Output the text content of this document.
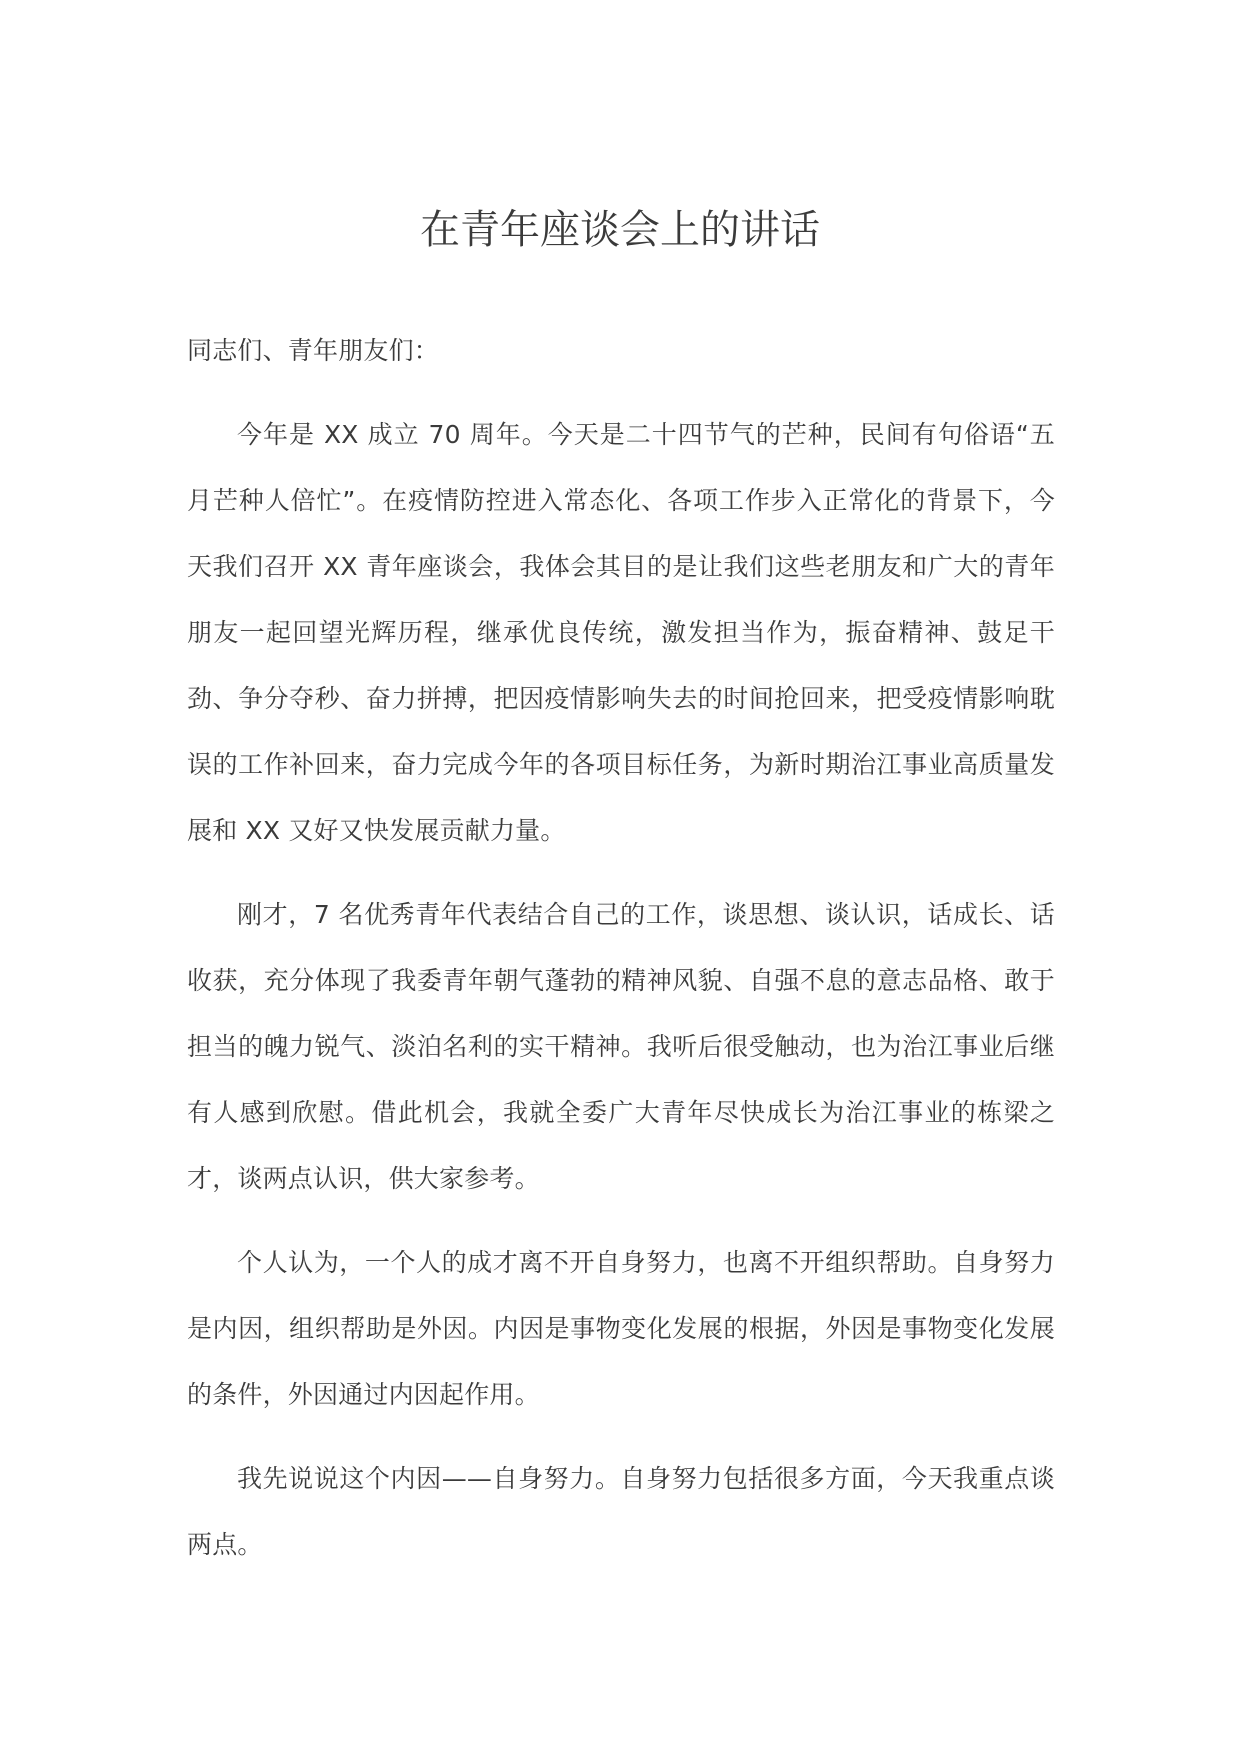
在青年座谈会上的讲话

同志们、青年朋友们：

今年是 XX 成立 70 周年。今天是二十四节气的芒种，民间有句俗语“五月芒种人倍忙”。在疫情防控进入常态化、各项工作步入正常化的背景下，今天我们召开 XX 青年座谈会，我体会其目的是让我们这些老朋友和广大的青年朋友一起回望光辉历程，继承优良传统，激发担当作为，振奋精神、鼓足干劲、争分夺秒、奋力拼搏，把因疫情影响失去的时间抢回来，把受疫情影响耽误的工作补回来，奋力完成今年的各项目标任务，为新时期治江事业高质量发展和 XX 又好又快发展贡献力量。

刚才，7 名优秀青年代表结合自己的工作，谈思想、谈认识，话成长、话收获，充分体现了我委青年朝气蓬勃的精神风貌、自强不息的意志品格、敢于担当的魄力锐气、淡泊名利的实干精神。我听后很受触动，也为治江事业后继有人感到欣慰。借此机会，我就全委广大青年尽快成长为治江事业的栋梁之才，谈两点认识，供大家参考。

个人认为，一个人的成才离不开自身努力，也离不开组织帮助。自身努力是内因，组织帮助是外因。内因是事物变化发展的根据，外因是事物变化发展的条件，外因通过内因起作用。

我先说说这个内因——自身努力。自身努力包括很多方面，今天我重点谈两点。
